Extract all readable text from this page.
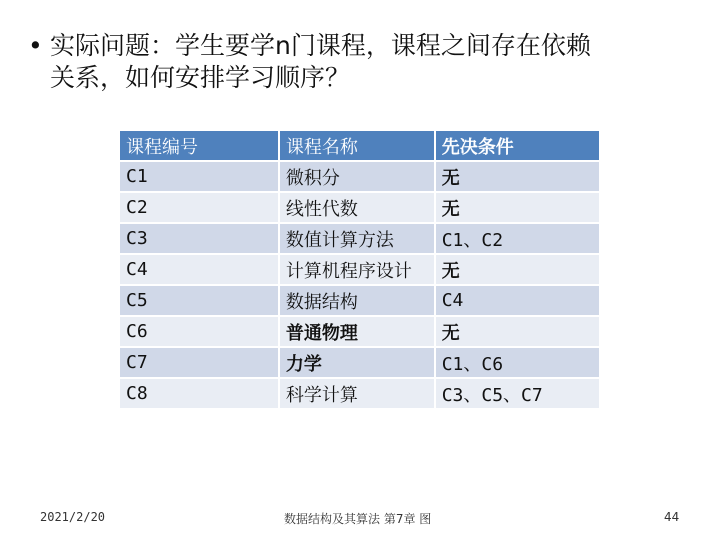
• 实际问题：学生要学n门课程，课程之间存在依赖
关系，如何安排学习顺序？
课程编号	课程名称	先决条件
C1	微积分	无
C2	线性代数	无
C3	数值计算方法	C1、C2
C4	计算机程序设计	无
C5	数据结构	C4
C6	普通物理	无
C7	力学	C1、C6
C8	科学计算	C3、C5、C7
2021/2/20	数据结构及其算法 第7章 图	44
